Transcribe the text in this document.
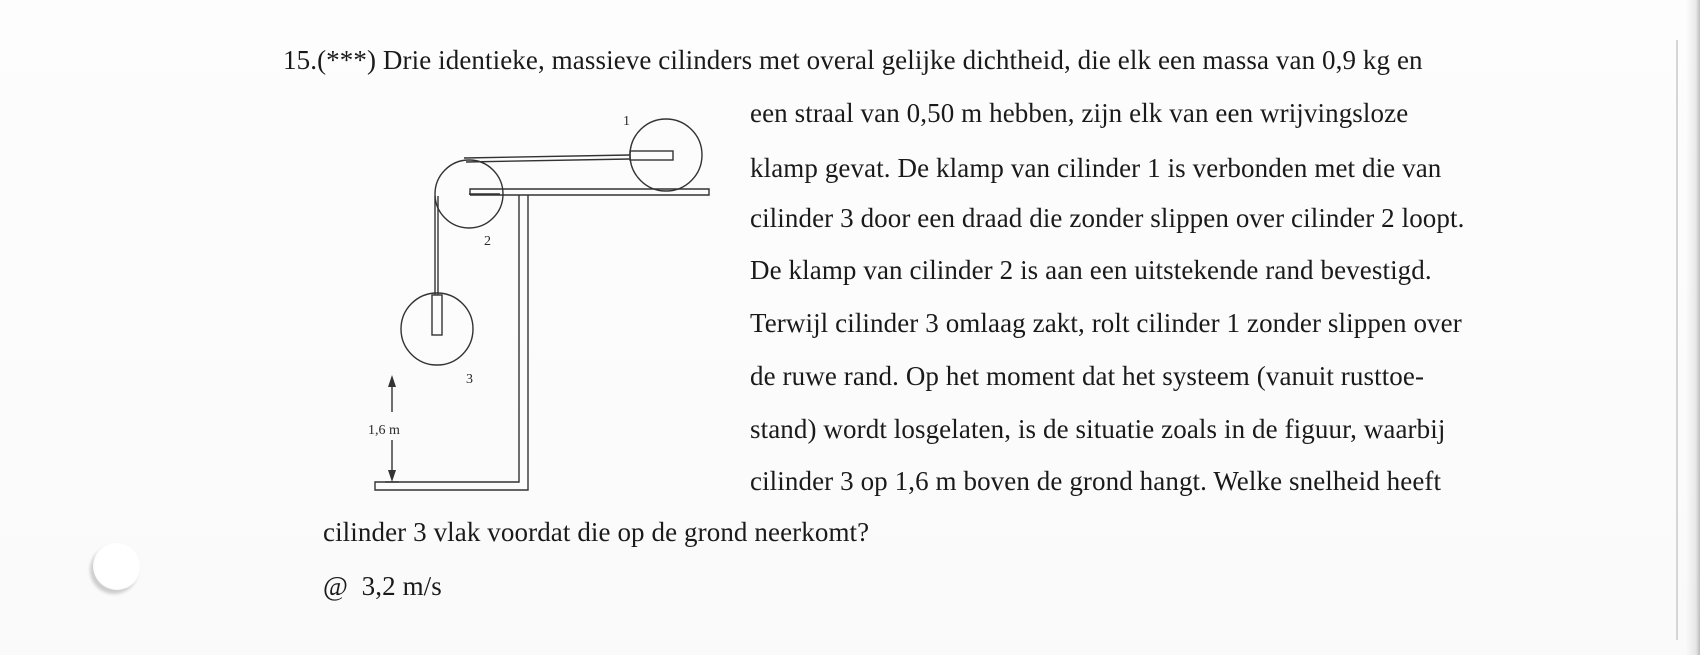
15.(***) Drie identieke, massieve cilinders met overal gelijke dichtheid, die elk een massa van 0,9 kg en
een straal van 0,50 m hebben, zijn elk van een wrijvingsloze
klamp gevat. De klamp van cilinder 1 is verbonden met die van
cilinder 3 door een draad die zonder slippen over cilinder 2 loopt.
De klamp van cilinder 2 is aan een uitstekende rand bevestigd.
Terwijl cilinder 3 omlaag zakt, rolt cilinder 1 zonder slippen over
de ruwe rand. Op het moment dat het systeem (vanuit rusttoe-
stand) wordt losgelaten, is de situatie zoals in de figuur, waarbij
cilinder 3 op 1,6 m boven de grond hangt. Welke snelheid heeft
cilinder 3 vlak voordat die op de grond neerkomt?
@ 3,2 m/s
1
2
3
1,6 m
